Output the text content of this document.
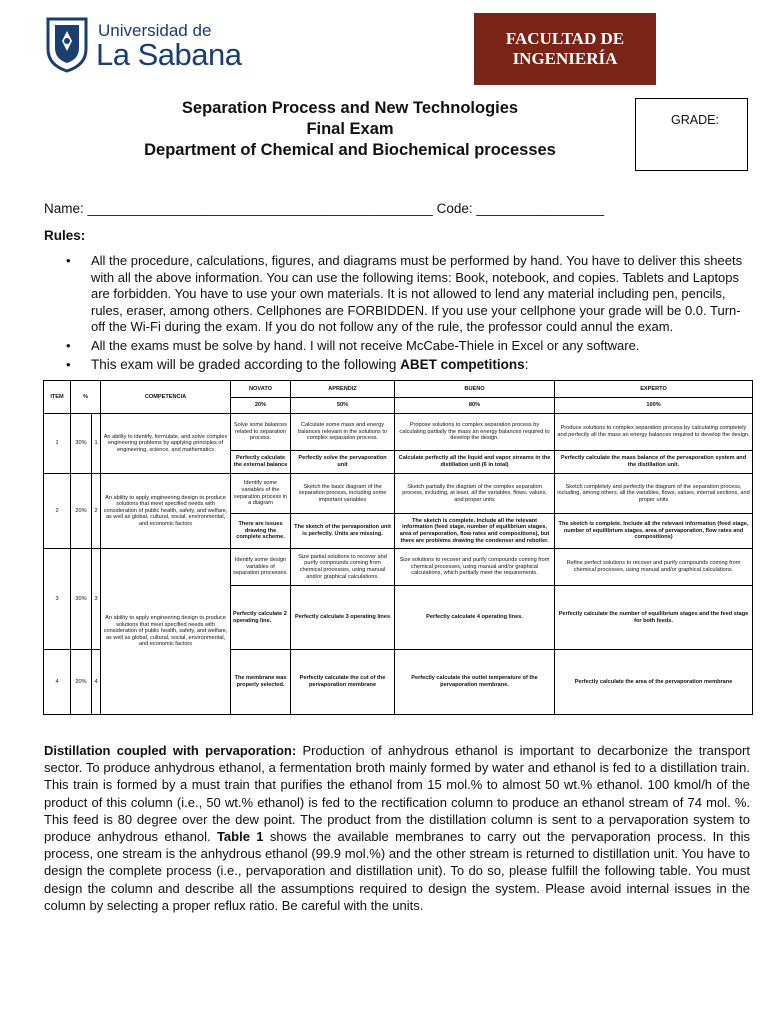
Universidad de
La Sabana	FACULTAD DE
INGENIERÍA
Separation Process and New Technologies
Final Exam
Department of Chemical and Biochemical processes
GRADE:
Name: ______________________________________________ Code: _________________
Rules:
• All the procedure, calculations, figures, and diagrams must be performed by hand. You have to deliver this sheets with all the above information. You can use the following items: Book, notebook, and copies. Tablets and Laptops are forbidden. You have to use your own materials. It is not allowed to lend any material including pen, pencils, rules, eraser, among others. Cellphones are FORBIDDEN. If you use your cellphone your grade will be 0.0. Turn-off the Wi-Fi during the exam. If you do not follow any of the rule, the professor could annul the exam.
• All the exams must be solve by hand. I will not receive McCabe-Thiele in Excel or any software.
• This exam will be graded according to the following ABET competitions:
ITEM	%		COMPETENCIA	NOVATO	APRENDIZ	BUENO	EXPERTO
				20%	50%	80%	100%
1	30%	1	An ability to identify, formulate, and solve complex engineering problems by applying principles of engineering, science, and mathematics	Solve some balances related to separation process.	Calculate some mass and energy balances relevant in the solutions to complex separation process.	Propose solutions to complex separation process by calculating partially the mass an energy balances required to develop the design.	Produce solutions to complex separation process by calculating completely and perfectly all the mass an energy balances required to develop the design.
				Perfectly calculate the external balance	Perfectly solve the pervaporation unit	Calculate perfectly all the liquid and vapor streams in the distillation unit (6 in total)	Perfectly calculate the mass balance of the pervaporation system and the distillation unit.
2	20%	2	An ability to apply engineering design to produce solutions that meet specified needs with consideration of public health, safety, and welfare, as well as global, cultural, social, environmental, and economic factors	Identify some variables of the separation process in a diagram	Sketch the basic diagram of the separation process, including some important variables	Sketch partially the diagram of the complex separation process, including, at least, all the variables, flows, values, and proper units	Sketch completely and perfectly the diagram of the separation process, including, among others, all the variables, flows, values, internal sections, and proper units
				There are issues drawing the complete scheme.	The sketch of the pervaporation unit is perfectly. Units are missing.	The sketch is complete. Include all the relevant information (feed stage, number of equilibrium stages, area of pervaporation, flow rates and compositions), but there are problems drawing the condenser and reboiler.	The sketch is complete. Include all the relevant information (feed stage, number of equilibrium stages, area of pervaporation, flow rates and compositions)
3	30%	3	An ability to apply engineering design to produce solutions that meet specified needs with consideration of public health, safety, and welfare, as well as global, cultural, social, environmental, and economic factors	Identify some design variables of separation processes.	Size partial solutions to recover and purify compounds coming from chemical processes, using manual and/or graphical calculations.	Size solutions to recover and purify compounds coming from chemical processes, using manual and/or graphical calculations, which partially meet the requirements.	Refine perfect solutions to recover and purify compounds coming from chemical processes, using manual and/or graphical calculations.
				Perfectly calculate 2 operating line.	Perfectly calculate 3 operating lines	Perfectly calculate 4 operating lines.	Perfectly calculate the number of equilibrium stages and the feed stage for both feeds.
4	20%	4		The membrane was properly selected.	Perfectly calculate the cut of the pervaporation membrane	Perfectly calculate the outlet temperature of the pervaporation membrane.	Perfectly calculate the area of the pervaporation membrane

Distillation coupled with pervaporation: Production of anhydrous ethanol is important to decarbonize the transport sector. To produce anhydrous ethanol, a fermentation broth mainly formed by water and ethanol is fed to a distillation train. This train is formed by a must train that purifies the ethanol from 15 mol.% to almost 50 wt.% ethanol. 100 kmol/h of the product of this column (i.e., 50 wt.% ethanol) is fed to the rectification column to produce an ethanol stream of 74 mol. %. This feed is 80 degree over the dew point. The product from the distillation column is sent to a pervaporation system to produce anhydrous ethanol. Table 1 shows the available membranes to carry out the pervaporation process. In this process, one stream is the anhydrous ethanol (99.9 mol.%) and the other stream is returned to distillation unit. You have to design the complete process (i.e., pervaporation and distillation unit). To do so, please fulfill the following table. You must design the column and describe all the assumptions required to design the system. Please avoid internal issues in the column by selecting a proper reflux ratio. Be careful with the units.
